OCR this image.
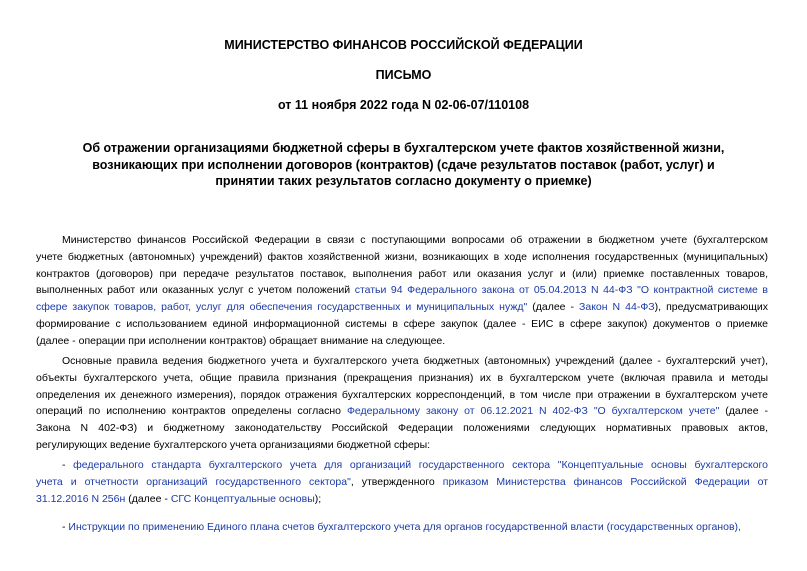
МИНИСТЕРСТВО ФИНАНСОВ РОССИЙСКОЙ ФЕДЕРАЦИИ
ПИСЬМО
от 11 ноября 2022 года N 02-06-07/110108
Об отражении организациями бюджетной сферы в бухгалтерском учете фактов хозяйственной жизни,
возникающих при исполнении договоров (контрактов) (сдаче результатов поставок (работ, услуг) и
принятии таких результатов согласно документу о приемке)
Министерство финансов Российской Федерации в связи с поступающими вопросами об отражении в бюджетном учете (бухгалтерском
учете бюджетных (автономных) учреждений) фактов хозяйственной жизни, возникающих в ходе исполнения государственных (муниципальных)
контрактов (договоров) при передаче результатов поставок, выполнения работ или оказания услуг и (или) приемке поставленных товаров,
выполненных работ или оказанных услуг с учетом положений статьи 94 Федерального закона от 05.04.2013 N 44-ФЗ "О контрактной системе в
сфере закупок товаров, работ, услуг для обеспечения государственных и муниципальных нужд" (далее - Закон N 44-ФЗ), предусматривающих
формирование с использованием единой информационной системы в сфере закупок (далее - ЕИС в сфере закупок) документов о приемке
(далее - операции при исполнении контрактов) обращает внимание на следующее.
Основные правила ведения бюджетного учета и бухгалтерского учета бюджетных (автономных) учреждений (далее - бухгалтерский учет),
объекты бухгалтерского учета, общие правила признания (прекращения признания) их в бухгалтерском учете (включая правила и методы
определения их денежного измерения), порядок отражения бухгалтерских корреспонденций, в том числе при отражении в бухгалтерском учете
операций по исполнению контрактов определены согласно Федеральному закону от 06.12.2021 N 402-ФЗ "О бухгалтерском учете" (далее -
Закона N 402-ФЗ) и бюджетному законодательству Российской Федерации положениями следующих нормативных правовых актов,
регулирующих ведение бухгалтерского учета организациями бюджетной сферы:
- федерального стандарта бухгалтерского учета для организаций государственного сектора "Концептуальные основы бухгалтерского
учета и отчетности организаций государственного сектора", утвержденного приказом Министерства финансов Российской Федерации от
31.12.2016 N 256н (далее - СГС Концептуальные основы);
- Инструкции по применению Единого плана счетов бухгалтерского учета для органов государственной власти (государственных органов),
